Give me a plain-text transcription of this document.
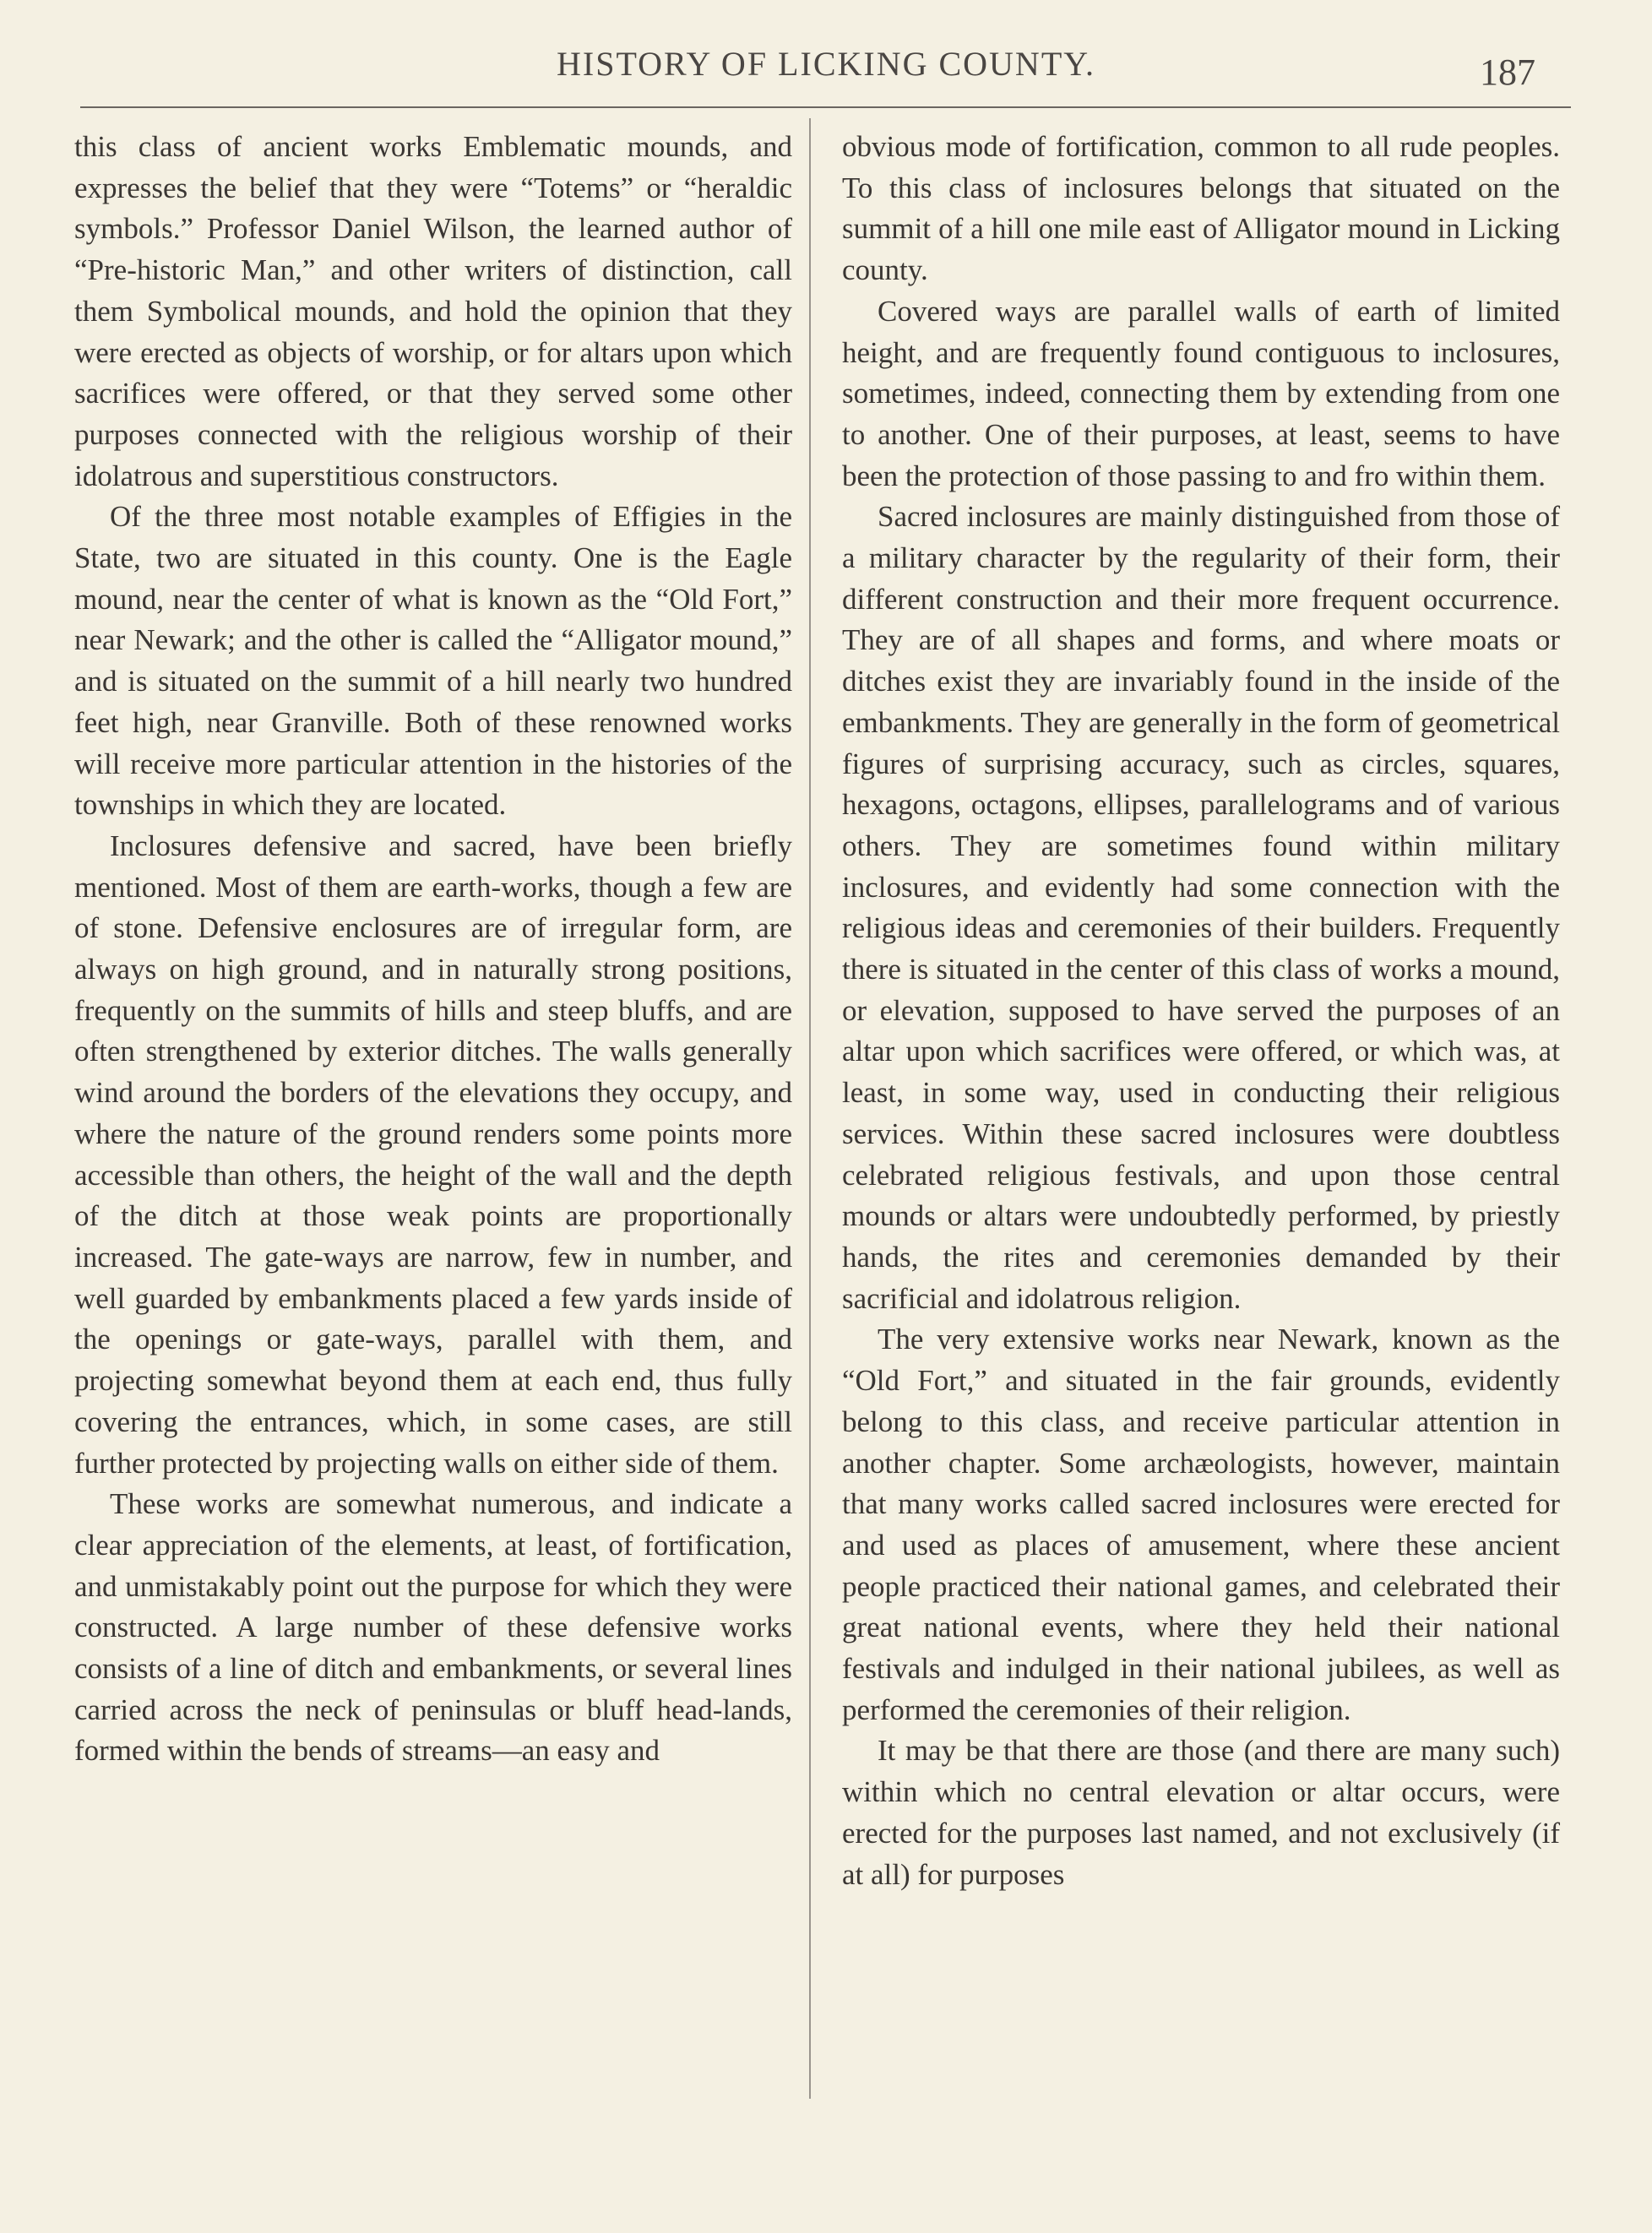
HISTORY OF LICKING COUNTY.	187

this class of ancient works Emblematic mounds, and expresses the belief that they were “Totems” or “heraldic symbols.” Professor Daniel Wilson, the learned author of “Pre-historic Man,” and other writers of distinction, call them Symbolical mounds, and hold the opinion that they were erected as objects of worship, or for altars upon which sacrifices were offered, or that they served some other purposes connected with the religious worship of their idolatrous and superstitious constructors.

Of the three most notable examples of Effigies in the State, two are situated in this county. One is the Eagle mound, near the center of what is known as the “Old Fort,” near Newark; and the other is called the “Alligator mound,” and is situated on the summit of a hill nearly two hundred feet high, near Granville. Both of these renowned works will receive more particular attention in the histories of the townships in which they are located.

Inclosures defensive and sacred, have been briefly mentioned. Most of them are earth-works, though a few are of stone. Defensive enclosures are of irregular form, are always on high ground, and in naturally strong positions, frequently on the summits of hills and steep bluffs, and are often strengthened by exterior ditches. The walls generally wind around the borders of the elevations they occupy, and where the nature of the ground renders some points more accessible than others, the height of the wall and the depth of the ditch at those weak points are proportionally increased. The gate-ways are narrow, few in number, and well guarded by embankments placed a few yards inside of the openings or gate-ways, parallel with them, and projecting somewhat beyond them at each end, thus fully covering the entrances, which, in some cases, are still further protected by projecting walls on either side of them.

These works are somewhat numerous, and indicate a clear appreciation of the elements, at least, of fortification, and unmistakably point out the purpose for which they were constructed. A large number of these defensive works consists of a line of ditch and embankments, or several lines carried across the neck of peninsulas or bluff head-lands, formed within the bends of streams—an easy and

obvious mode of fortification, common to all rude peoples. To this class of inclosures belongs that situated on the summit of a hill one mile east of Alligator mound in Licking county.

Covered ways are parallel walls of earth of limited height, and are frequently found contiguous to inclosures, sometimes, indeed, connecting them by extending from one to another. One of their purposes, at least, seems to have been the protection of those passing to and fro within them.

Sacred inclosures are mainly distinguished from those of a military character by the regularity of their form, their different construction and their more frequent occurrence. They are of all shapes and forms, and where moats or ditches exist they are invariably found in the inside of the embankments. They are generally in the form of geometrical figures of surprising accuracy, such as circles, squares, hexagons, octagons, ellipses, parallelograms and of various others. They are sometimes found within military inclosures, and evidently had some connection with the religious ideas and ceremonies of their builders. Frequently there is situated in the center of this class of works a mound, or elevation, supposed to have served the purposes of an altar upon which sacrifices were offered, or which was, at least, in some way, used in conducting their religious services. Within these sacred inclosures were doubtless celebrated religious festivals, and upon those central mounds or altars were undoubtedly performed, by priestly hands, the rites and ceremonies demanded by their sacrificial and idolatrous religion.

The very extensive works near Newark, known as the “Old Fort,” and situated in the fair grounds, evidently belong to this class, and receive particular attention in another chapter. Some archæologists, however, maintain that many works called sacred inclosures were erected for and used as places of amusement, where these ancient people practiced their national games, and celebrated their great national events, where they held their national festivals and indulged in their national jubilees, as well as performed the ceremonies of their religion.

It may be that there are those (and there are many such) within which no central elevation or altar occurs, were erected for the purposes last named, and not exclusively (if at all) for purposes
